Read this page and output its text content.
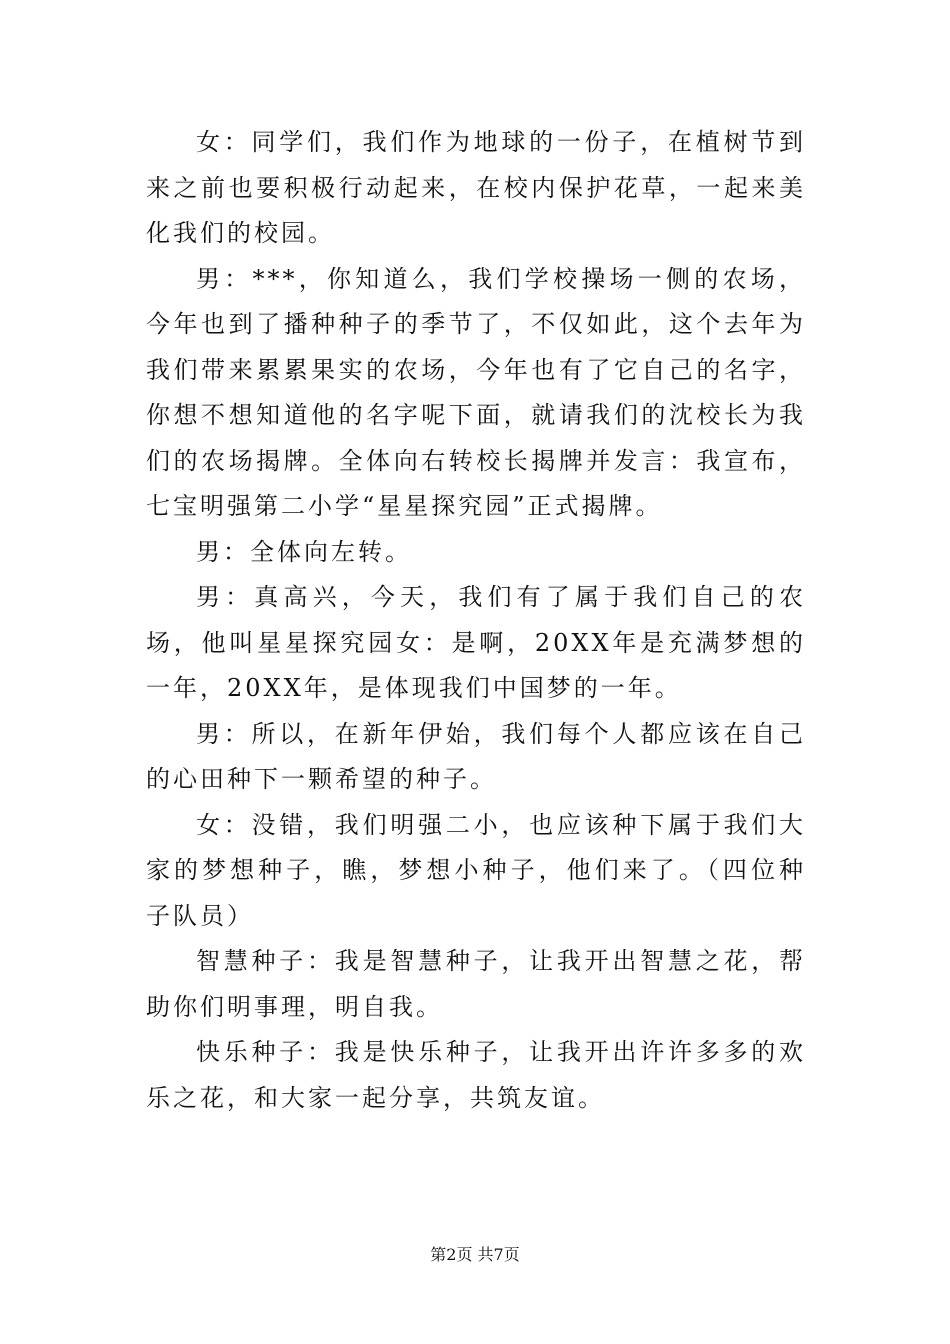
女：同学们，我们作为地球的一份子，在植树节到来之前也要积极行动起来，在校内保护花草，一起来美化我们的校园。

男：***，你知道么，我们学校操场一侧的农场，今年也到了播种种子的季节了，不仅如此，这个去年为我们带来累累果实的农场，今年也有了它自己的名字，你想不想知道他的名字呢下面，就请我们的沈校长为我们的农场揭牌。全体向右转校长揭牌并发言：我宣布，七宝明强第二小学“星星探究园”正式揭牌。

男：全体向左转。

男：真高兴，今天，我们有了属于我们自己的农场，他叫星星探究园女：是啊，20XX年是充满梦想的一年，20XX年，是体现我们中国梦的一年。

男：所以，在新年伊始，我们每个人都应该在自己的心田种下一颗希望的种子。

女：没错，我们明强二小，也应该种下属于我们大家的梦想种子，瞧，梦想小种子，他们来了。（四位种子队员）

智慧种子：我是智慧种子，让我开出智慧之花，帮助你们明事理，明自我。

快乐种子：我是快乐种子，让我开出许许多多的欢乐之花，和大家一起分享，共筑友谊。

第2页 共7页
